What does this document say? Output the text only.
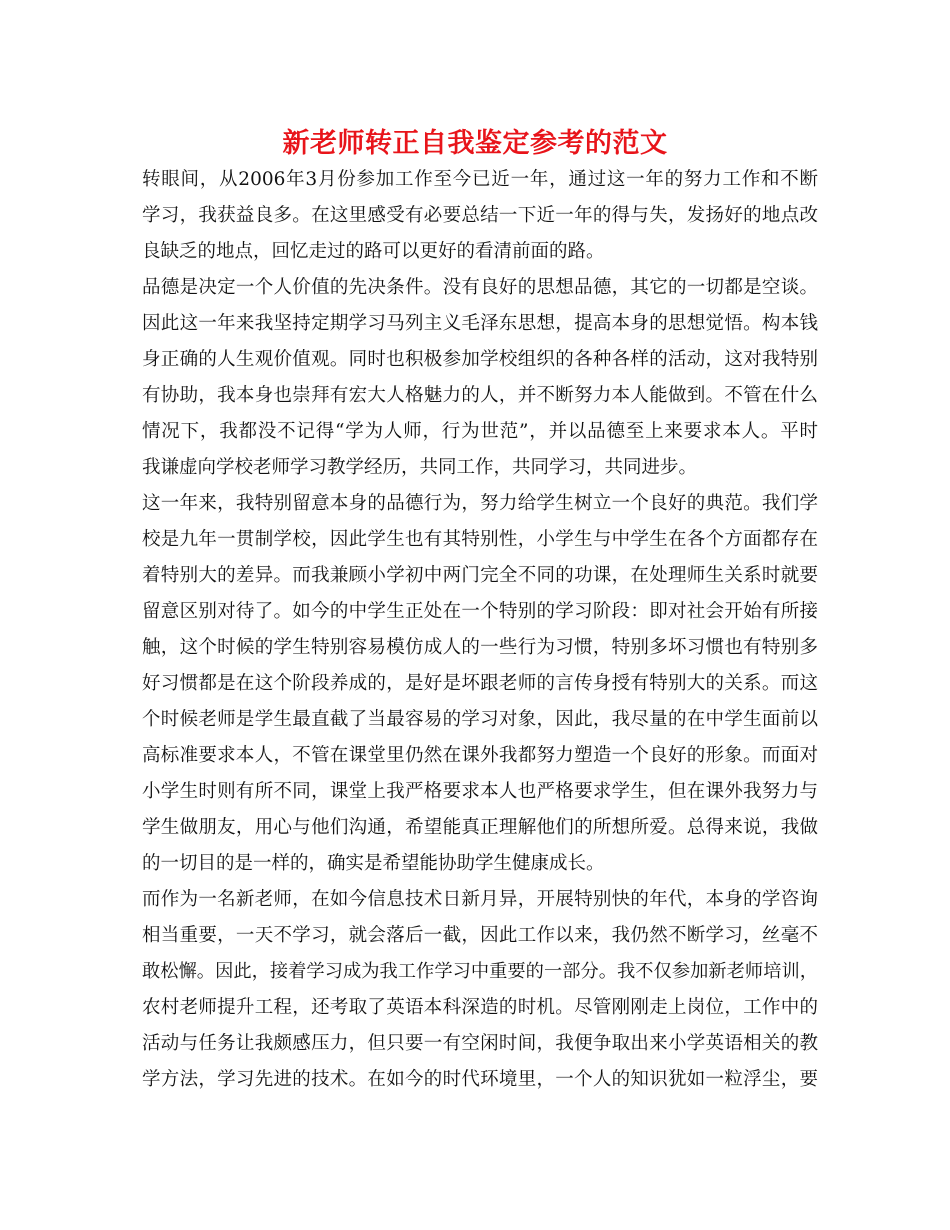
新老师转正自我鉴定参考的范文

转眼间，从2006年3月份参加工作至今已近一年，通过这一年的努力工作和不断
学习，我获益良多。在这里感受有必要总结一下近一年的得与失，发扬好的地点改
良缺乏的地点，回忆走过的路可以更好的看清前面的路。

品德是决定一个人价值的先决条件。没有良好的思想品德，其它的一切都是空谈。
因此这一年来我坚持定期学习马列主义毛泽东思想，提高本身的思想觉悟。构本钱
身正确的人生观价值观。同时也积极参加学校组织的各种各样的活动，这对我特别
有协助，我本身也崇拜有宏大人格魅力的人，并不断努力本人能做到。不管在什么
情况下，我都没不记得“学为人师，行为世范”，并以品德至上来要求本人。平时
我谦虚向学校老师学习教学经历，共同工作，共同学习，共同进步。

这一年来，我特别留意本身的品德行为，努力给学生树立一个良好的典范。我们学
校是九年一贯制学校，因此学生也有其特别性，小学生与中学生在各个方面都存在
着特别大的差异。而我兼顾小学初中两门完全不同的功课，在处理师生关系时就要
留意区别对待了。如今的中学生正处在一个特别的学习阶段：即对社会开始有所接
触，这个时候的学生特别容易模仿成人的一些行为习惯，特别多坏习惯也有特别多
好习惯都是在这个阶段养成的，是好是坏跟老师的言传身授有特别大的关系。而这
个时候老师是学生最直截了当最容易的学习对象，因此，我尽量的在中学生面前以
高标准要求本人，不管在课堂里仍然在课外我都努力塑造一个良好的形象。而面对
小学生时则有所不同，课堂上我严格要求本人也严格要求学生，但在课外我努力与
学生做朋友，用心与他们沟通，希望能真正理解他们的所想所爱。总得来说，我做
的一切目的是一样的，确实是希望能协助学生健康成长。

而作为一名新老师，在如今信息技术日新月异，开展特别快的年代，本身的学咨询
相当重要，一天不学习，就会落后一截，因此工作以来，我仍然不断学习，丝毫不
敢松懈。因此，接着学习成为我工作学习中重要的一部分。我不仅参加新老师培训，
农村老师提升工程，还考取了英语本科深造的时机。尽管刚刚走上岗位，工作中的
活动与任务让我颇感压力，但只要一有空闲时间，我便争取出来小学英语相关的教
学方法，学习先进的技术。在如今的时代环境里，一个人的知识犹如一粒浮尘，要
